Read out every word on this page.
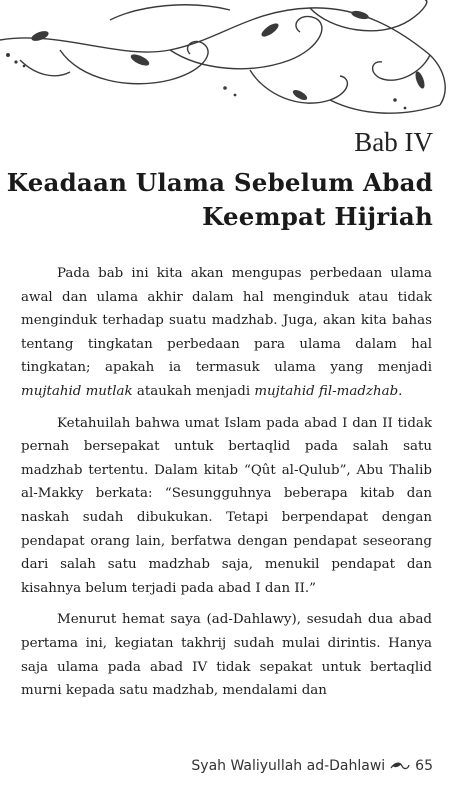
Bab IV
Keadaan Ulama Sebelum Abad
Keempat Hijriah

Pada bab ini kita akan mengupas perbedaan ulama awal dan ulama akhir dalam hal menginduk atau tidak menginduk terhadap suatu madzhab. Juga, akan kita bahas tentang tingkatan perbedaan para ulama dalam hal tingkatan; apakah ia termasuk ulama yang menjadi mujtahid mutlak ataukah menjadi mujtahid fil-madzhab.

Ketahuilah bahwa umat Islam pada abad I dan II tidak pernah bersepakat untuk bertaqlid pada salah satu madzhab tertentu. Dalam kitab “Qût al-Qulub”, Abu Thalib al-Makky berkata: “Sesungguhnya beberapa kitab dan naskah sudah dibukukan. Tetapi berpendapat dengan pendapat orang lain, berfatwa dengan pendapat seseorang dari salah satu madzhab saja, menukil pendapat dan kisahnya belum terjadi pada abad I dan II.”

Menurut hemat saya (ad-Dahlawy), sesudah dua abad pertama ini, kegiatan takhrij sudah mulai dirintis. Hanya saja ulama pada abad IV tidak sepakat untuk bertaqlid murni kepada satu madzhab, mendalami dan

Syah Waliyullah ad-Dahlawi 65
